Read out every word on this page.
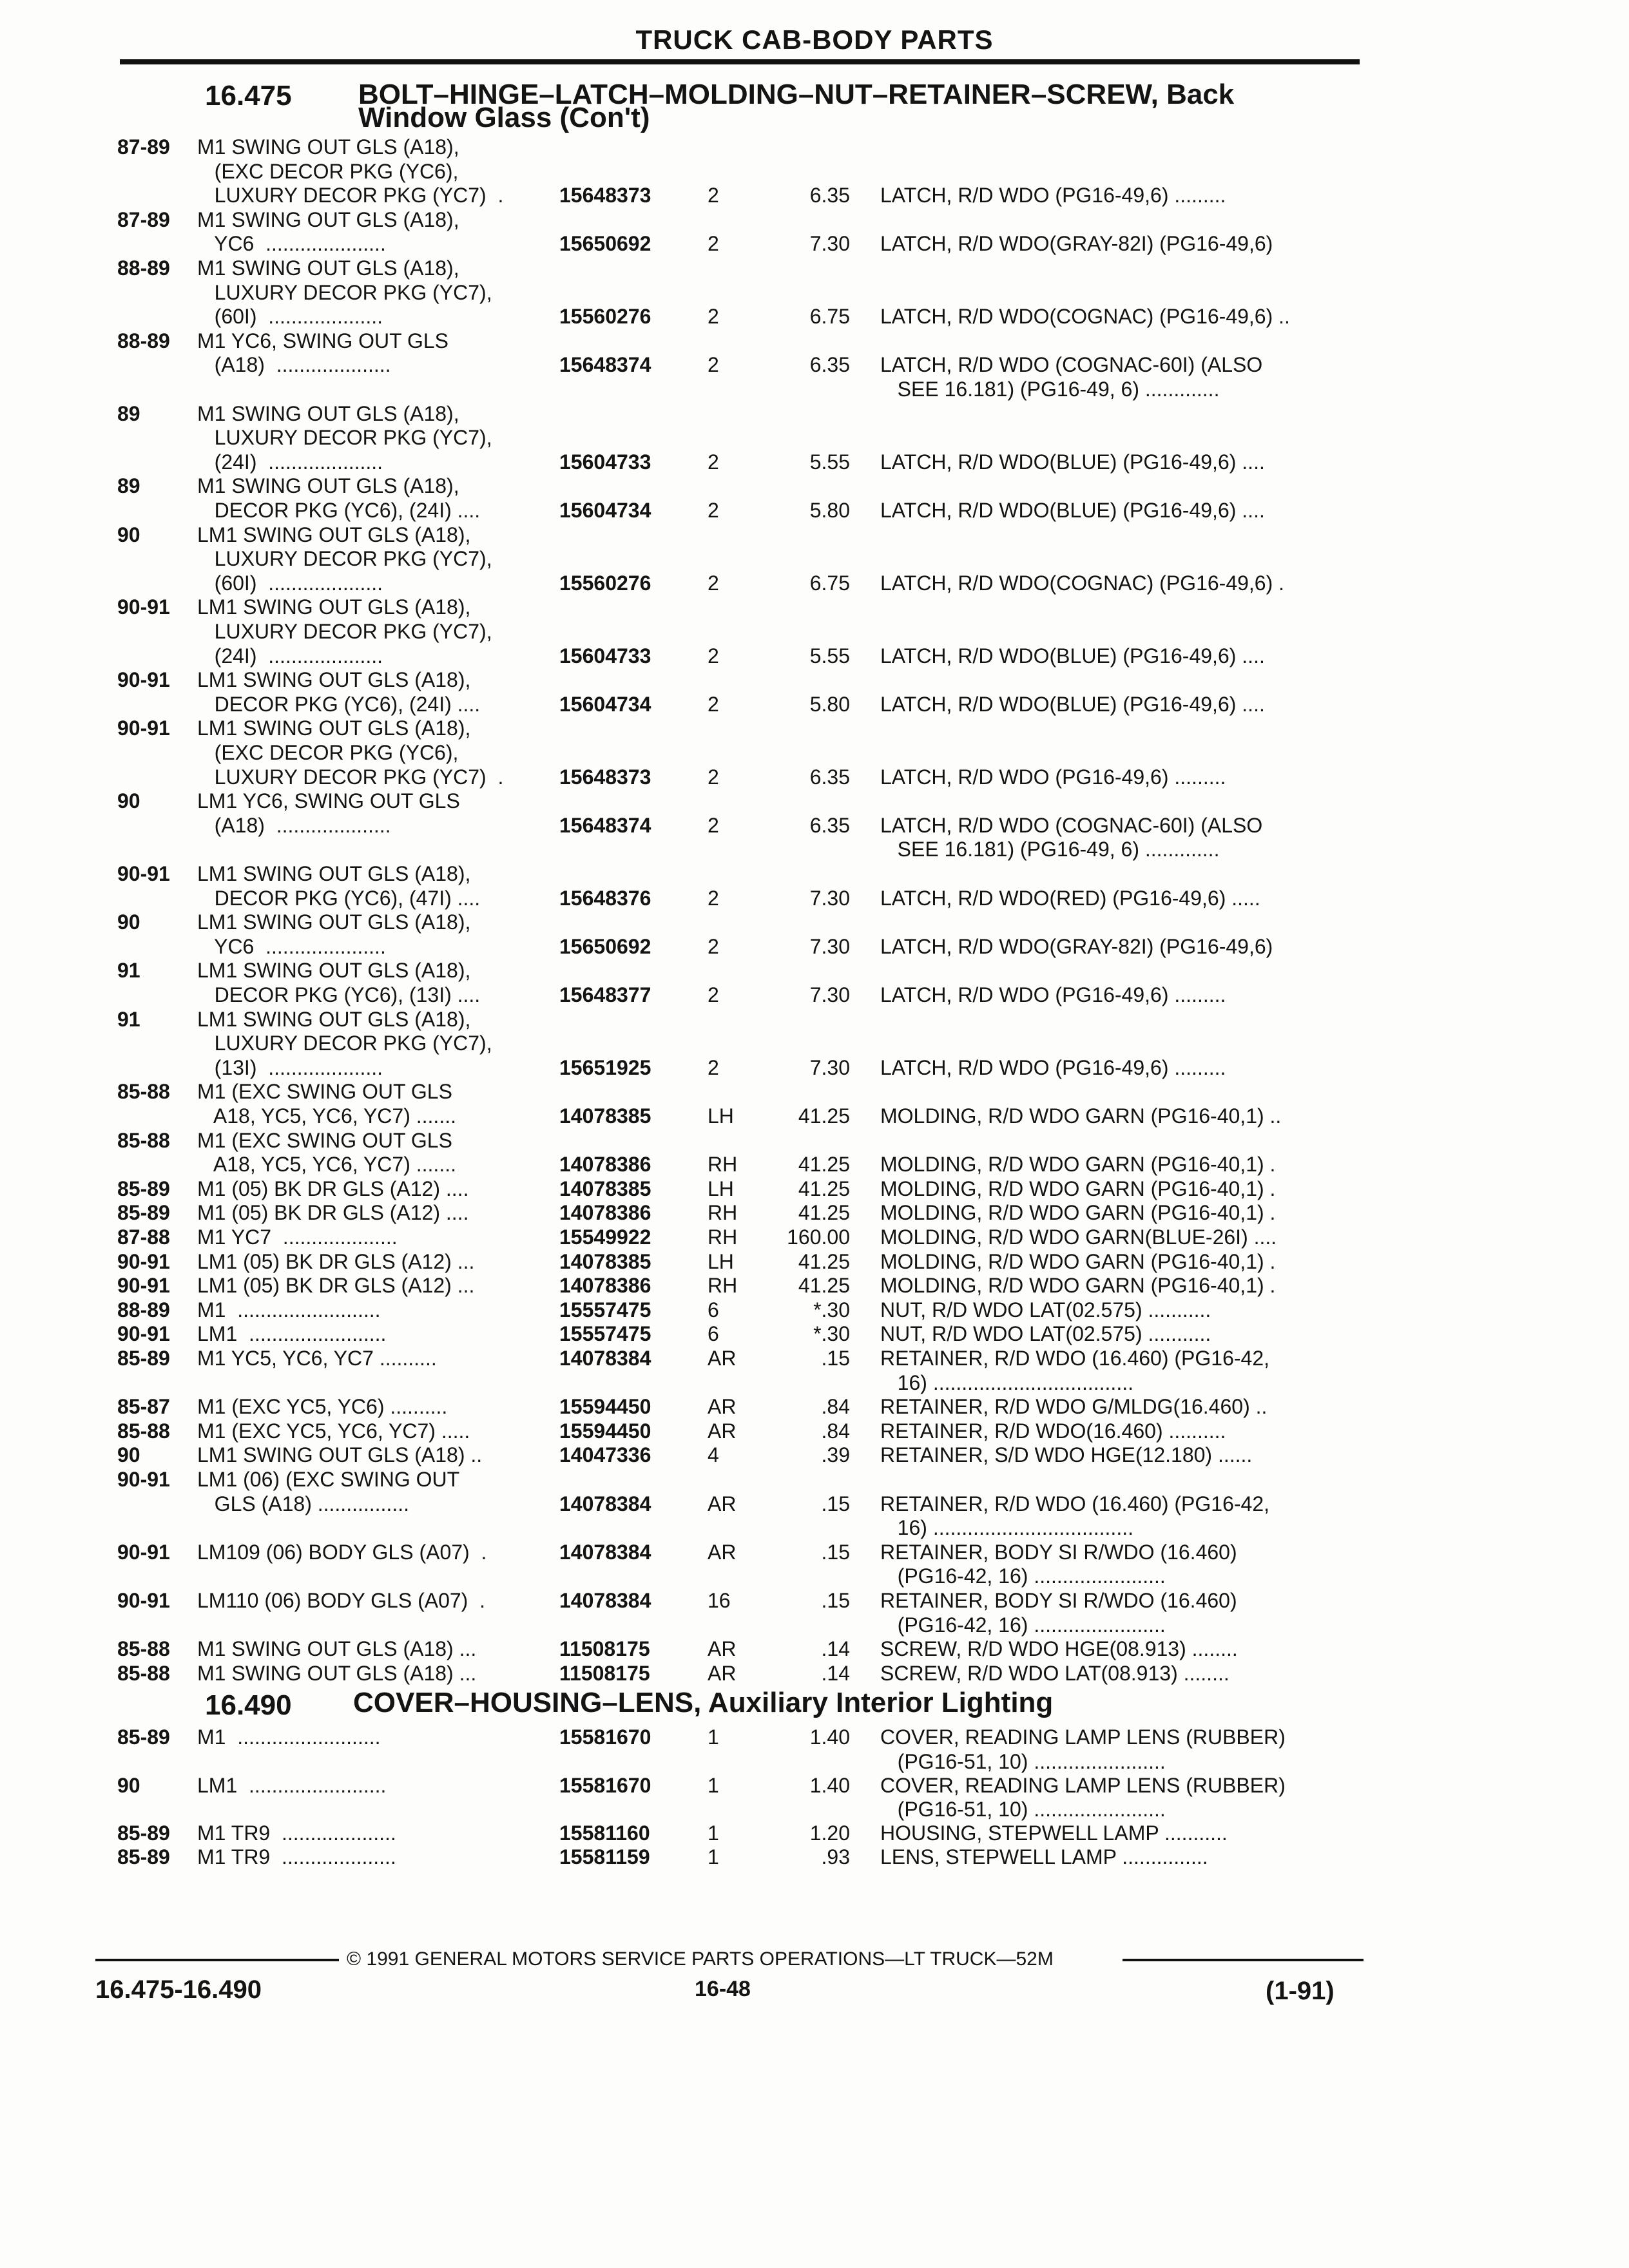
TRUCK CAB-BODY PARTS
16.475 BOLT–HINGE–LATCH–MOLDING–NUT–RETAINER–SCREW, Back
Window Glass (Con't)
87-89 M1 SWING OUT GLS (A18),
(EXC DECOR PKG (YC6),
LUXURY DECOR PKG (YC7)  .	15648373	2	6.35 LATCH, R/D WDO (PG16-49,6) .........
87-89 M1 SWING OUT GLS (A18),
YC6  .....................	15650692	2	7.30 LATCH, R/D WDO(GRAY-82I) (PG16-49,6)
88-89 M1 SWING OUT GLS (A18),
LUXURY DECOR PKG (YC7),
(60I)  ....................	15560276	2	6.75 LATCH, R/D WDO(COGNAC) (PG16-49,6) ..
88-89 M1 YC6, SWING OUT GLS
(A18)  ....................	15648374	2	6.35 LATCH, R/D WDO (COGNAC-60I) (ALSO
SEE 16.181) (PG16-49, 6) .............
89	M1 SWING OUT GLS (A18),
LUXURY DECOR PKG (YC7),
(24I)  ....................	15604733	2	5.55 LATCH, R/D WDO(BLUE) (PG16-49,6) ....
89	M1 SWING OUT GLS (A18),
DECOR PKG (YC6), (24I) ....	15604734	2	5.80 LATCH, R/D WDO(BLUE) (PG16-49,6) ....
90	LM1 SWING OUT GLS (A18),
LUXURY DECOR PKG (YC7),
(60I)  ....................	15560276	2	6.75 LATCH, R/D WDO(COGNAC) (PG16-49,6) .
90-91 LM1 SWING OUT GLS (A18),
LUXURY DECOR PKG (YC7),
(24I)  ....................	15604733	2	5.55 LATCH, R/D WDO(BLUE) (PG16-49,6) ....
90-91 LM1 SWING OUT GLS (A18),
DECOR PKG (YC6), (24I) ....	15604734	2	5.80 LATCH, R/D WDO(BLUE) (PG16-49,6) ....
90-91 LM1 SWING OUT GLS (A18),
(EXC DECOR PKG (YC6),
LUXURY DECOR PKG (YC7)  .	15648373	2	6.35 LATCH, R/D WDO (PG16-49,6) .........
90	LM1 YC6, SWING OUT GLS
(A18)  ....................	15648374	2	6.35 LATCH, R/D WDO (COGNAC-60I) (ALSO
SEE 16.181) (PG16-49, 6) .............
90-91 LM1 SWING OUT GLS (A18),
DECOR PKG (YC6), (47I) ....	15648376	2	7.30 LATCH, R/D WDO(RED) (PG16-49,6) .....
90	LM1 SWING OUT GLS (A18),
YC6  .....................	15650692	2	7.30 LATCH, R/D WDO(GRAY-82I) (PG16-49,6)
91	LM1 SWING OUT GLS (A18),
DECOR PKG (YC6), (13I) ....	15648377	2	7.30 LATCH, R/D WDO (PG16-49,6) .........
91	LM1 SWING OUT GLS (A18),
LUXURY DECOR PKG (YC7),
(13I)  ....................	15651925	2	7.30 LATCH, R/D WDO (PG16-49,6) .........
85-88 M1 (EXC SWING OUT GLS
A18, YC5, YC6, YC7) .......	14078385	LH	41.25 MOLDING, R/D WDO GARN (PG16-40,1) ..
85-88 M1 (EXC SWING OUT GLS
A18, YC5, YC6, YC7) .......	14078386	RH	41.25 MOLDING, R/D WDO GARN (PG16-40,1) .
85-89 M1 (05) BK DR GLS (A12) ....	14078385	LH	41.25 MOLDING, R/D WDO GARN (PG16-40,1) .
85-89 M1 (05) BK DR GLS (A12) ....	14078386	RH	41.25 MOLDING, R/D WDO GARN (PG16-40,1) .
87-88 M1 YC7  ....................	15549922	RH	160.00 MOLDING, R/D WDO GARN(BLUE-26I) ....
90-91 LM1 (05) BK DR GLS (A12) ...	14078385	LH	41.25 MOLDING, R/D WDO GARN (PG16-40,1) .
90-91 LM1 (05) BK DR GLS (A12) ...	14078386	RH	41.25 MOLDING, R/D WDO GARN (PG16-40,1) .
88-89 M1  .........................	15557475	6	*.30 NUT, R/D WDO LAT(02.575) ...........
90-91 LM1  ........................	15557475	6	*.30 NUT, R/D WDO LAT(02.575) ...........
85-89 M1 YC5, YC6, YC7 ..........	14078384	AR	.15 RETAINER, R/D WDO (16.460) (PG16-42,
16) ...................................
85-87 M1 (EXC YC5, YC6) ..........	15594450	AR	.84 RETAINER, R/D WDO G/MLDG(16.460) ..
85-88 M1 (EXC YC5, YC6, YC7) .....	15594450	AR	.84 RETAINER, R/D WDO(16.460) ..........
90	LM1 SWING OUT GLS (A18) ..	14047336	4	.39 RETAINER, S/D WDO HGE(12.180) ......
90-91 LM1 (06) (EXC SWING OUT
GLS (A18) ................	14078384	AR	.15 RETAINER, R/D WDO (16.460) (PG16-42,
16) ...................................
90-91 LM109 (06) BODY GLS (A07)  .	14078384	AR	.15 RETAINER, BODY SI R/WDO (16.460)
(PG16-42, 16) .......................
90-91 LM110 (06) BODY GLS (A07)  .	14078384	16	.15 RETAINER, BODY SI R/WDO (16.460)
(PG16-42, 16) .......................
85-88 M1 SWING OUT GLS (A18) ...	11508175	AR	.14 SCREW, R/D WDO HGE(08.913) ........
85-88 M1 SWING OUT GLS (A18) ...	11508175	AR	.14 SCREW, R/D WDO LAT(08.913) ........
16.490 COVER–HOUSING–LENS, Auxiliary Interior Lighting
85-89 M1  .........................	15581670	1	1.40 COVER, READING LAMP LENS (RUBBER)
(PG16-51, 10) .......................
90	LM1  ........................	15581670	1	1.40 COVER, READING LAMP LENS (RUBBER)
(PG16-51, 10) .......................
85-89 M1 TR9  ....................	15581160	1	1.20 HOUSING, STEPWELL LAMP ...........
85-89 M1 TR9  ....................	15581159	1	.93 LENS, STEPWELL LAMP ...............
© 1991 GENERAL MOTORS SERVICE PARTS OPERATIONS—LT TRUCK—52M
16.475-16.490	16-48	(1-91)
